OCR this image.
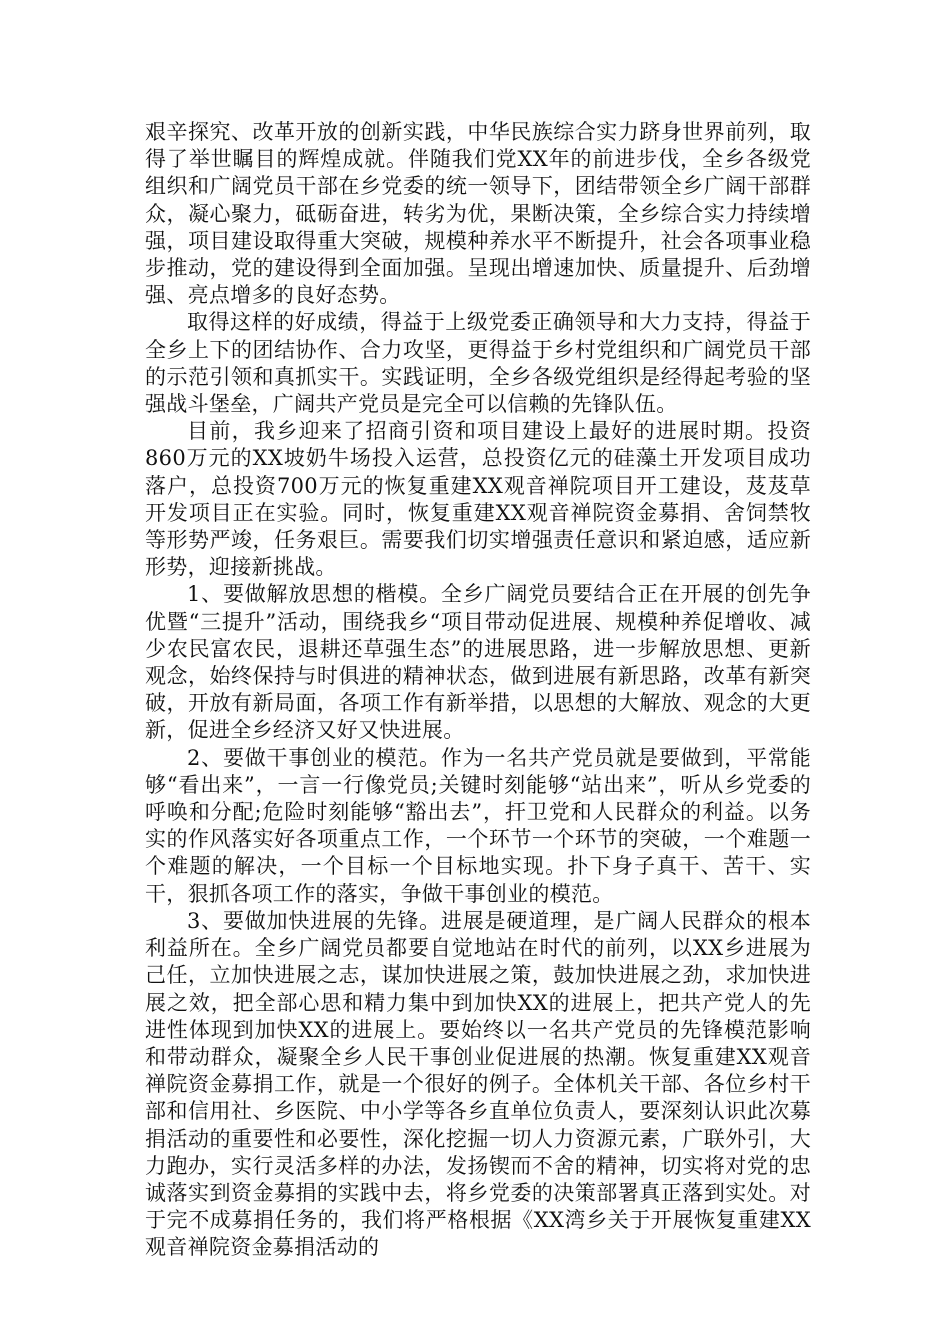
艰辛探究、改革开放的创新实践，中华民族综合实力跻身世界前列，取得了举世瞩目的辉煌成就。伴随我们党XX年的前进步伐，全乡各级党组织和广阔党员干部在乡党委的统一领导下，团结带领全乡广阔干部群众，凝心聚力，砥砺奋进，转劣为优，果断决策，全乡综合实力持续增强，项目建设取得重大突破，规模种养水平不断提升，社会各项事业稳步推动，党的建设得到全面加强。呈现出增速加快、质量提升、后劲增强、亮点增多的良好态势。

取得这样的好成绩，得益于上级党委正确领导和大力支持，得益于全乡上下的团结协作、合力攻坚，更得益于乡村党组织和广阔党员干部的示范引领和真抓实干。实践证明，全乡各级党组织是经得起考验的坚强战斗堡垒，广阔共产党员是完全可以信赖的先锋队伍。

目前，我乡迎来了招商引资和项目建设上最好的进展时期。投资860万元的XX坡奶牛场投入运营，总投资亿元的硅藻土开发项目成功落户，总投资700万元的恢复重建XX观音禅院项目开工建设，芨芨草开发项目正在实验。同时，恢复重建XX观音禅院资金募捐、舍饲禁牧等形势严竣，任务艰巨。需要我们切实增强责任意识和紧迫感，适应新形势，迎接新挑战。

1、要做解放思想的楷模。全乡广阔党员要结合正在开展的创先争优暨“三提升”活动，围绕我乡“项目带动促进展、规模种养促增收、减少农民富农民，退耕还草强生态”的进展思路，进一步解放思想、更新观念，始终保持与时俱进的精神状态，做到进展有新思路，改革有新突破，开放有新局面，各项工作有新举措，以思想的大解放、观念的大更新，促进全乡经济又好又快进展。

2、要做干事创业的模范。作为一名共产党员就是要做到，平常能够“看出来”，一言一行像党员;关键时刻能够“站出来”，听从乡党委的呼唤和分配;危险时刻能够“豁出去”，扞卫党和人民群众的利益。以务实的作风落实好各项重点工作，一个环节一个环节的突破，一个难题一个难题的解决，一个目标一个目标地实现。扑下身子真干、苦干、实干，狠抓各项工作的落实，争做干事创业的模范。

3、要做加快进展的先锋。进展是硬道理，是广阔人民群众的根本利益所在。全乡广阔党员都要自觉地站在时代的前列，以XX乡进展为己任，立加快进展之志，谋加快进展之策，鼓加快进展之劲，求加快进展之效，把全部心思和精力集中到加快XX的进展上，把共产党人的先进性体现到加快XX的进展上。要始终以一名共产党员的先锋模范影响和带动群众，凝聚全乡人民干事创业促进展的热潮。恢复重建XX观音禅院资金募捐工作，就是一个很好的例子。全体机关干部、各位乡村干部和信用社、乡医院、中小学等各乡直单位负责人，要深刻认识此次募捐活动的重要性和必要性，深化挖掘一切人力资源元素，广联外引，大力跑办，实行灵活多样的办法，发扬锲而不舍的精神，切实将对党的忠诚落实到资金募捐的实践中去，将乡党委的决策部署真正落到实处。对于完不成募捐任务的，我们将严格根据《XX湾乡关于开展恢复重建XX观音禅院资金募捐活动的
